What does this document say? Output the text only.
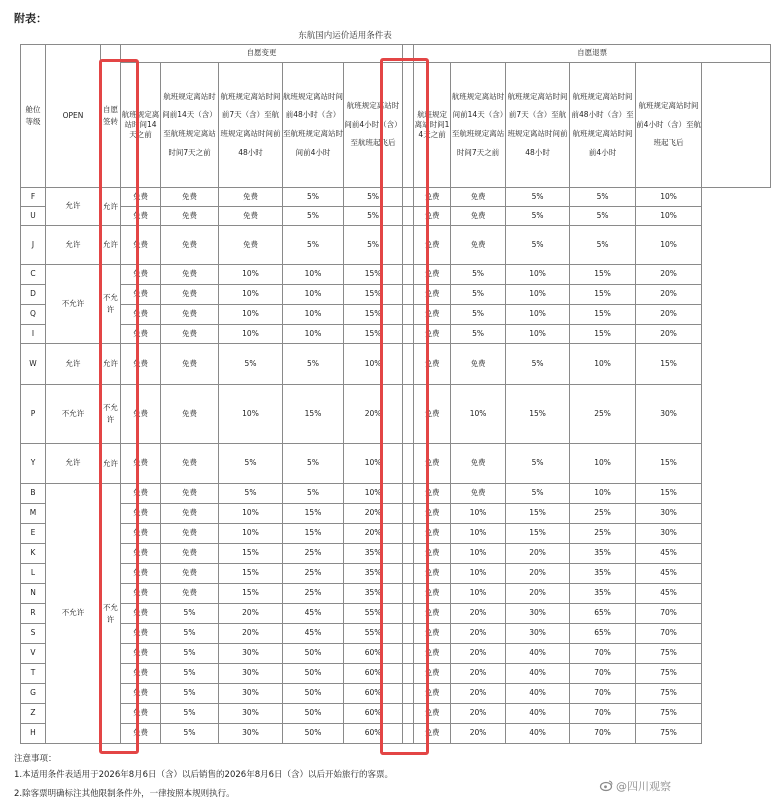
附表：
东航国内运价适用条件表
舱位等级	OPEN	自愿签转	自愿变更						自愿退票					
			航班规定离站时间14天之前	航班规定离站时间前14天（含）至航班规定离站时间7天之前	航班规定离站时间前7天（含）至航班规定离站时间前48小时	航班规定离站时间前48小时（含）至航班规定离站时间前4小时	航班规定离站时间前4小时（含）至航班起飞后		航班规定离站时间14天之前	航班规定离站时间前14天（含）至航班规定离站时间7天之前	航班规定离站时间前7天（含）至航班规定离站时间前48小时	航班规定离站时间前48小时（含）至航班规定离站时间前4小时	航班规定离站时间前4小时（含）至航班起飞后	
F	允许	允许	免费	免费	免费	5%	5%		免费	免费	5%	5%	10%	
U			免费	免费	免费	5%	5%		免费	免费	5%	5%	10%	
J	允许	允许	免费	免费	免费	5%	5%		免费	免费	5%	5%	10%	
C	不允许	不允许	免费	免费	10%	10%	15%		免费	5%	10%	15%	20%	
D			免费	免费	10%	10%	15%		免费	5%	10%	15%	20%	
Q			免费	免费	10%	10%	15%		免费	5%	10%	15%	20%	
I			免费	免费	10%	10%	15%		免费	5%	10%	15%	20%	
W	允许	允许	免费	免费	5%	5%	10%		免费	免费	5%	10%	15%	
P	不允许	不允许	免费	免费	10%	15%	20%		免费	10%	15%	25%	30%	
Y	允许	允许	免费	免费	5%	5%	10%		免费	免费	5%	10%	15%	
B	不允许	不允许	免费	免费	5%	5%	10%		免费	免费	5%	10%	15%	
M			免费	免费	10%	15%	20%		免费	10%	15%	25%	30%	
E			免费	免费	10%	15%	20%		免费	10%	15%	25%	30%	
K			免费	免费	15%	25%	35%		免费	10%	20%	35%	45%	
L			免费	免费	15%	25%	35%		免费	10%	20%	35%	45%	
N			免费	免费	15%	25%	35%		免费	10%	20%	35%	45%	
R			免费	5%	20%	45%	55%		免费	20%	30%	65%	70%	
S			免费	5%	20%	45%	55%		免费	20%	30%	65%	70%	
V			免费	5%	30%	50%	60%		免费	20%	40%	70%	75%	
T			免费	5%	30%	50%	60%		免费	20%	40%	70%	75%	
G			免费	5%	30%	50%	60%		免费	20%	40%	70%	75%	
Z			免费	5%	30%	50%	60%		免费	20%	40%	70%	75%	
H			免费	5%	30%	50%	60%		免费	20%	40%	70%	75%	
注意事项：
1.本适用条件表适用于2026年8月6日（含）以后销售的2026年8月6日（含）以后开始旅行的客票。
2.除客票明确标注其他限制条件外，一律按照本规则执行。
@四川观察
